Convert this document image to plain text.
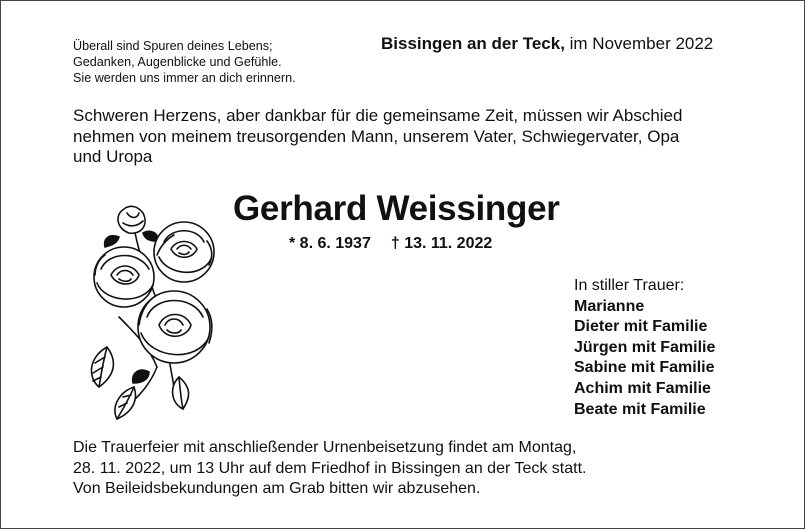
Überall sind Spuren deines Lebens;
Gedanken, Augenblicke und Gefühle.
Sie werden uns immer an dich erinnern.
Bissingen an der Teck, im November 2022
Schweren Herzens, aber dankbar für die gemeinsame Zeit, müssen wir Abschied
nehmen von meinem treusorgenden Mann, unserem Vater, Schwiegervater, Opa
und Uropa
Gerhard Weissinger
* 8. 6. 1937 † 13. 11. 2022
In stiller Trauer:
Marianne
Dieter mit Familie
Jürgen mit Familie
Sabine mit Familie
Achim mit Familie
Beate mit Familie
Die Trauerfeier mit anschließender Urnenbeisetzung findet am Montag,
28. 11. 2022, um 13 Uhr auf dem Friedhof in Bissingen an der Teck statt.
Von Beileidsbekundungen am Grab bitten wir abzusehen.
